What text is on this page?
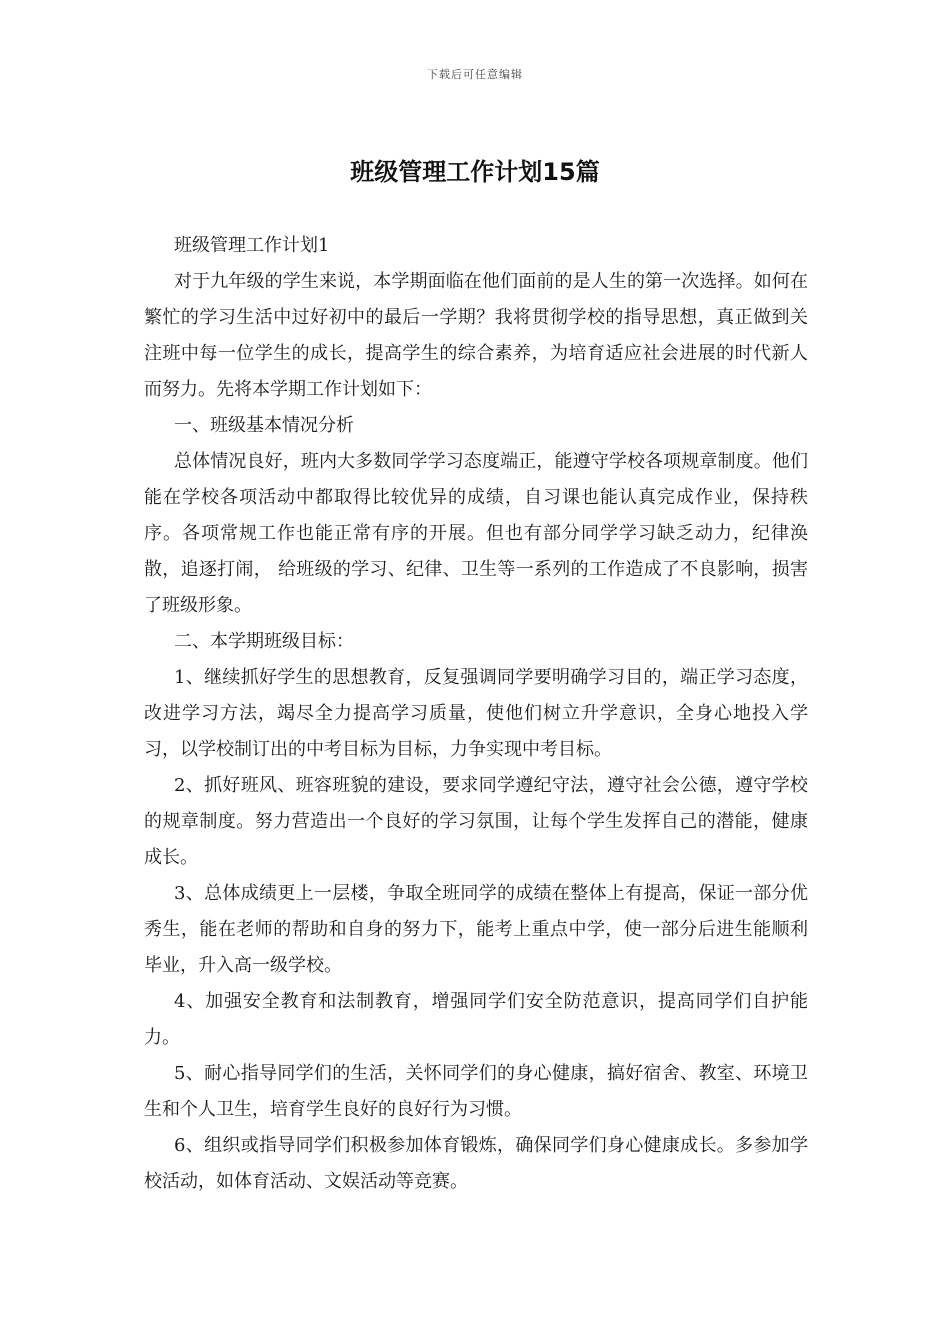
下载后可任意编辑
班级管理工作计划15篇

班级管理工作计划1

对于九年级的学生来说，本学期面临在他们面前的是人生的第一次选择。如何在繁忙的学习生活中过好初中的最后一学期？我将贯彻学校的指导思想，真正做到关注班中每一位学生的成长，提高学生的综合素养，为培育适应社会进展的时代新人而努力。先将本学期工作计划如下：

一、班级基本情况分析

总体情况良好，班内大多数同学学习态度端正，能遵守学校各项规章制度。他们能在学校各项活动中都取得比较优异的成绩，自习课也能认真完成作业，保持秩序。各项常规工作也能正常有序的开展。但也有部分同学学习缺乏动力，纪律涣散，追逐打闹， 给班级的学习、纪律、卫生等一系列的工作造成了不良影响，损害了班级形象。

二、本学期班级目标：

1、继续抓好学生的思想教育，反复强调同学要明确学习目的，端正学习态度，改进学习方法，竭尽全力提高学习质量，使他们树立升学意识，全身心地投入学习，以学校制订出的中考目标为目标，力争实现中考目标。

2、抓好班风、班容班貌的建设，要求同学遵纪守法，遵守社会公德，遵守学校的规章制度。努力营造出一个良好的学习氛围，让每个学生发挥自己的潜能，健康成长。

3、总体成绩更上一层楼，争取全班同学的成绩在整体上有提高，保证一部分优秀生，能在老师的帮助和自身的努力下，能考上重点中学，使一部分后进生能顺利毕业，升入高一级学校。

4、加强安全教育和法制教育，增强同学们安全防范意识，提高同学们自护能力。

5、耐心指导同学们的生活，关怀同学们的身心健康，搞好宿舍、教室、环境卫生和个人卫生，培育学生良好的良好行为习惯。

6、组织或指导同学们积极参加体育锻炼，确保同学们身心健康成长。多参加学校活动，如体育活动、文娱活动等竞赛。
